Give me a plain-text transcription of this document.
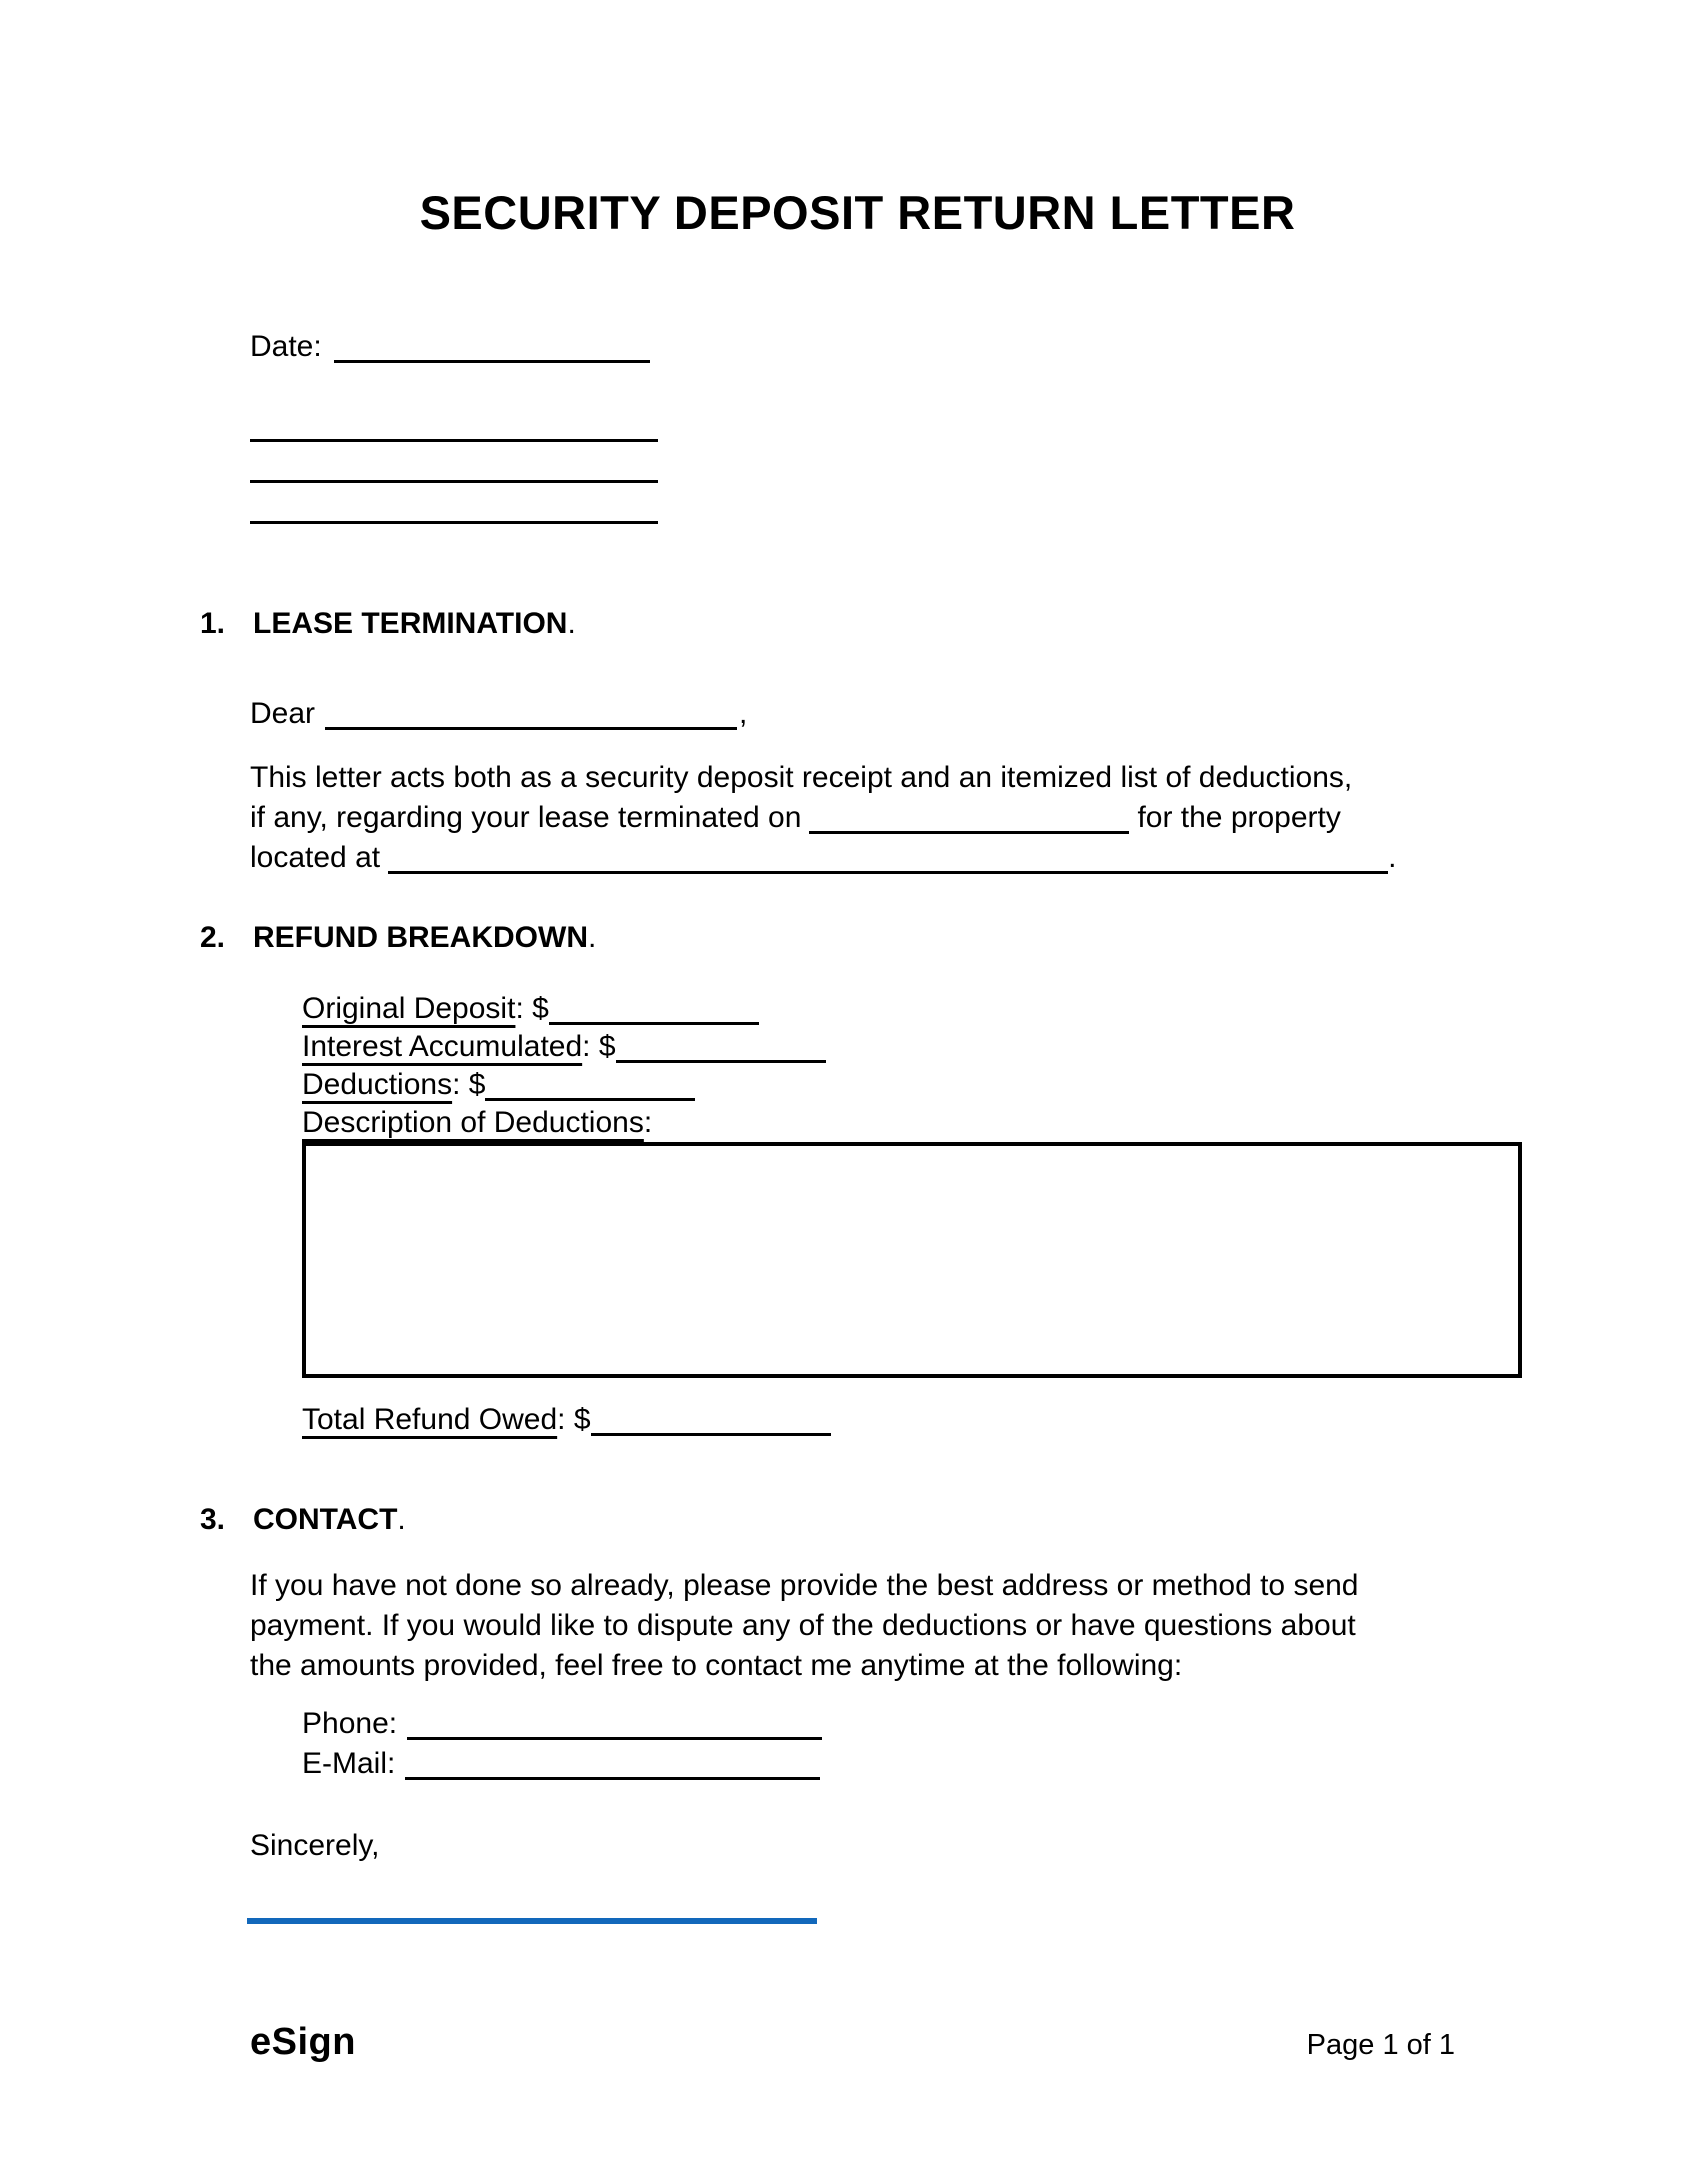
SECURITY DEPOSIT RETURN LETTER
Date:
1. LEASE TERMINATION.
Dear	,

This letter acts both as a security deposit receipt and an itemized list of deductions,
if any, regarding your lease terminated on	for the property
located at	.

2. REFUND BREAKDOWN.
Original Deposit: $
Interest Accumulated: $
Deductions: $
Description of Deductions:
Total Refund Owed: $
3. CONTACT.

If you have not done so already, please provide the best address or method to send
payment. If you would like to dispute any of the deductions or have questions about
the amounts provided, feel free to contact me anytime at the following:

Phone:
E-Mail:
Sincerely,
eSign	Page 1 of 1
